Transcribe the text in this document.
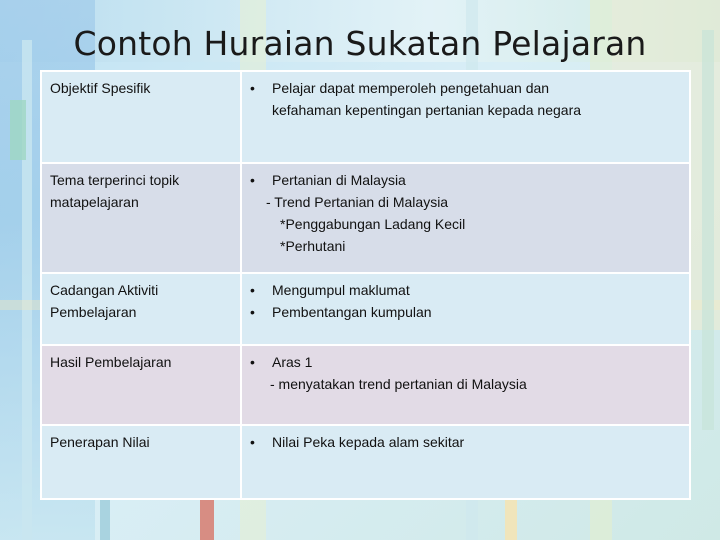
Contoh Huraian Sukatan Pelajaran
Objektif Spesifik	• Pelajar dapat memperoleh pengetahuan dan
kefahaman kepentingan pertanian kepada negara

Tema terperinci topik matapelajaran	• Pertanian di Malaysia
- Trend Pertanian di Malaysia
*Penggabungan Ladang Kecil
*Perhutani

Cadangan Aktiviti Pembelajaran	• Mengumpul maklumat
• Pembentangan kumpulan

Hasil Pembelajaran	• Aras 1
- menyatakan trend pertanian di Malaysia

Penerapan Nilai	• Nilai Peka kepada alam sekitar
